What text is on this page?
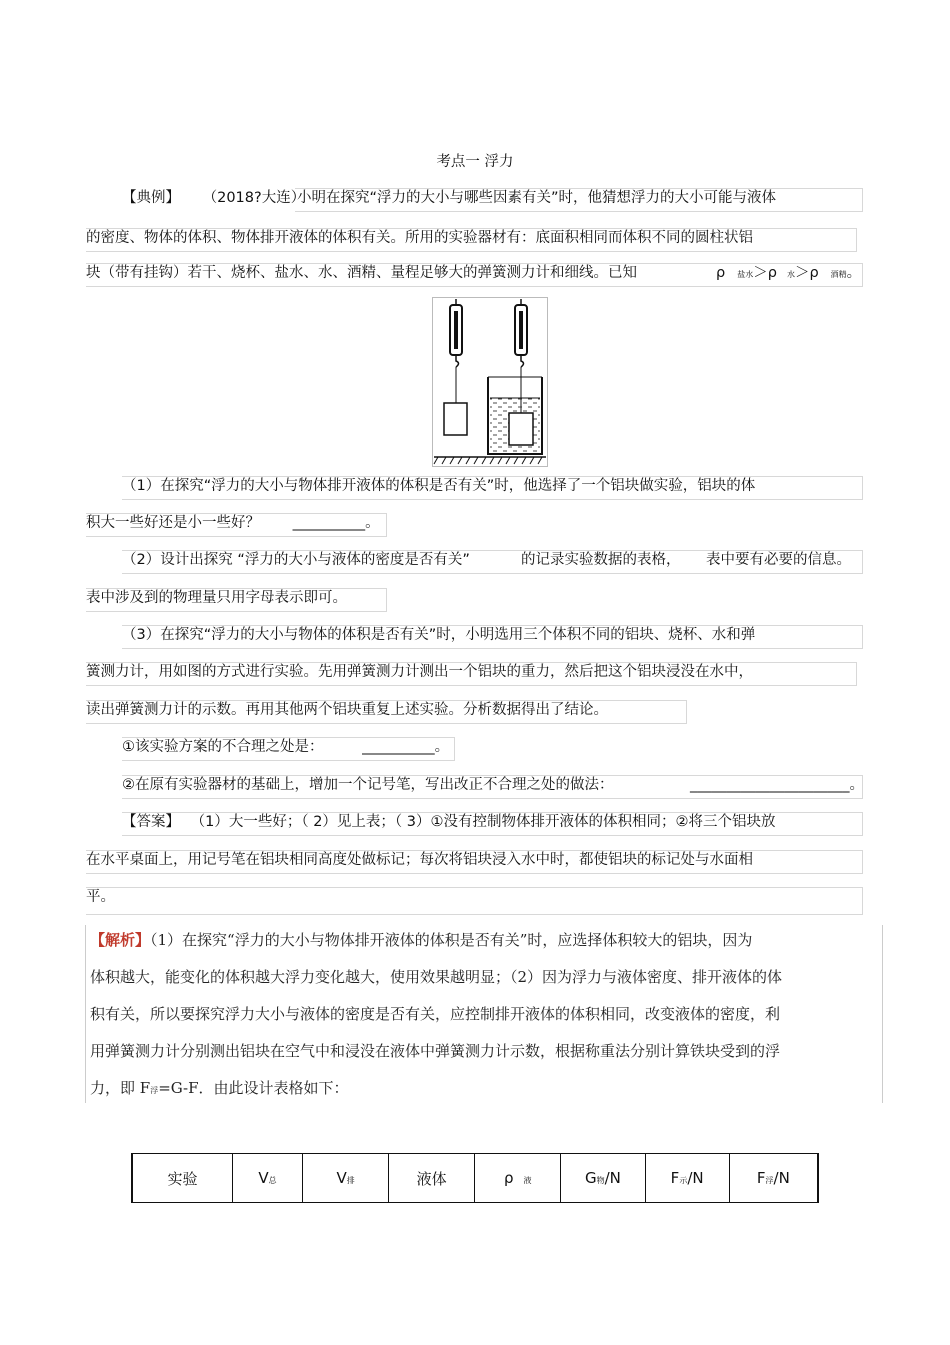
考点一 浮力
【典例】 （2018?大连）
小明在探究“浮力的大小与哪些因素有关”时，他猜想浮力的大小可能与液体
的密度、物体的体积、物体排开液体的体积有关。所用的实验器材有：底面积相同而体积不同的圆柱状铝
块（带有挂钩）若干、烧杯、盐水、水、酒精、量程足够大的弹簧测力计和细线。已知	ρ 盐水＞ρ 水＞ρ 酒精。
（1）在探究“浮力的大小与物体排开液体的体积是否有关”时，他选择了一个铝块做实验，铝块的体
积大一些好还是小一些好？ __________。
（2）设计出探究 “浮力的大小与液体的密度是否有关”	的记录实验数据的表格， 表中要有必要的信息。
表中涉及到的物理量只用字母表示即可。
（3）在探究“浮力的大小与物体的体积是否有关”时，小明选用三个体积不同的铝块、烧杯、水和弹
簧测力计，用如图的方式进行实验。先用弹簧测力计测出一个铝块的重力，然后把这个铝块浸没在水中，
读出弹簧测力计的示数。再用其他两个铝块重复上述实验。分析数据得出了结论。
①该实验方案的不合理之处是：	__________。
②在原有实验器材的基础上，增加一个记号笔，写出改正不合理之处的做法：	______________________。
【答案】 （1）大一些好；（ 2）见上表；（ 3）①没有控制物体排开液体的体积相同；②将三个铝块放
在水平桌面上，用记号笔在铝块相同高度处做标记；每次将铝块浸入水中时，都使铝块的标记处与水面相
平。
【解析】（1）在探究“浮力的大小与物体排开液体的体积是否有关”时，应选择体积较大的铝块，因为
体积越大，能变化的体积越大浮力变化越大，使用效果越明显；（2）因为浮力与液体密度、排开液体的体
积有关，所以要探究浮力大小与液体的密度是否有关，应控制排开液体的体积相同，改变液体的密度，利
用弹簧测力计分别测出铝块在空气中和浸没在液体中弹簧测力计示数，根据称重法分别计算铁块受到的浮
力，即 F浮=G-F．由此设计表格如下：
实验	V总	V排	液体	ρ 液	G物/N	F示/N	F浮/N
